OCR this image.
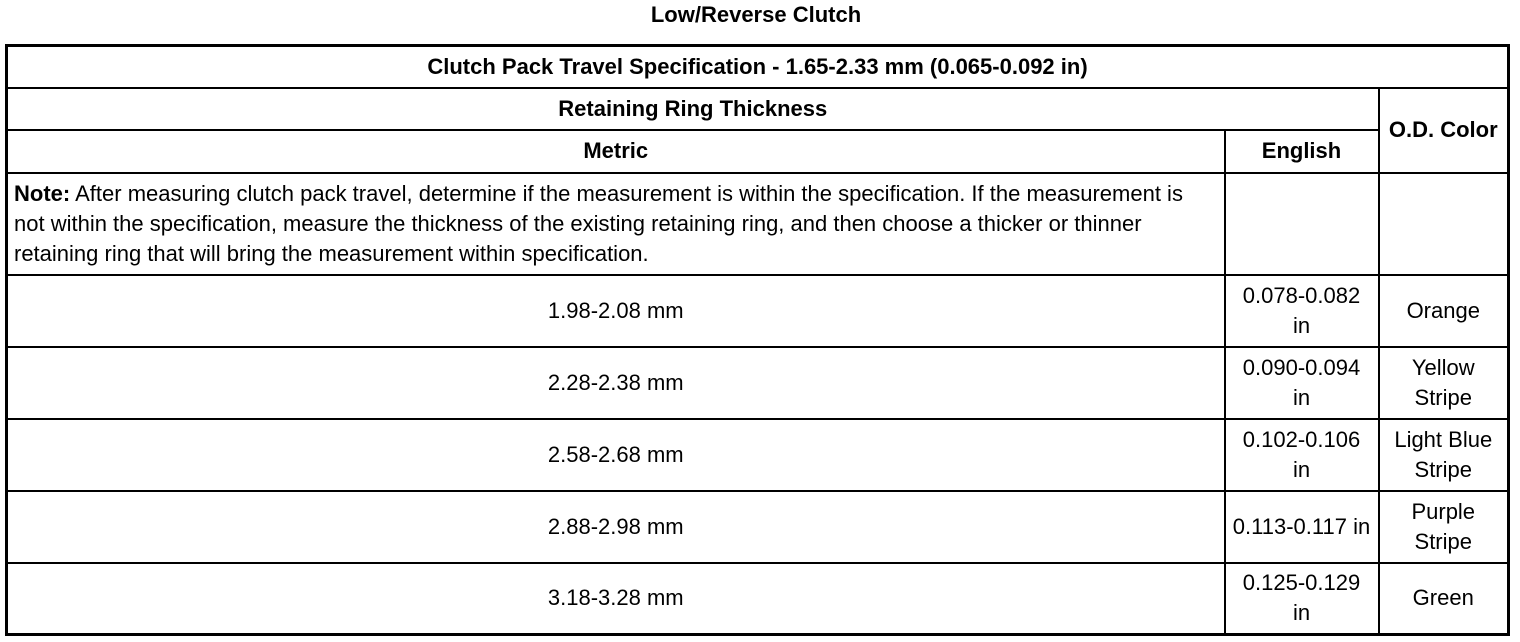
Low/Reverse Clutch
Clutch Pack Travel Specification - 1.65-2.33 mm (0.065-0.092 in)		
Retaining Ring Thickness		O.D. Color
Metric	English	
Note: After measuring clutch pack travel, determine if the measurement is within the specification. If the measurement is not within the specification, measure the thickness of the existing retaining ring, and then choose a thicker or thinner retaining ring that will bring the measurement within specification.		
1.98-2.08 mm	0.078-0.082 in	Orange
2.28-2.38 mm	0.090-0.094 in	Yellow Stripe
2.58-2.68 mm	0.102-0.106 in	Light Blue Stripe
2.88-2.98 mm	0.113-0.117 in	Purple Stripe
3.18-3.28 mm	0.125-0.129 in	Green
